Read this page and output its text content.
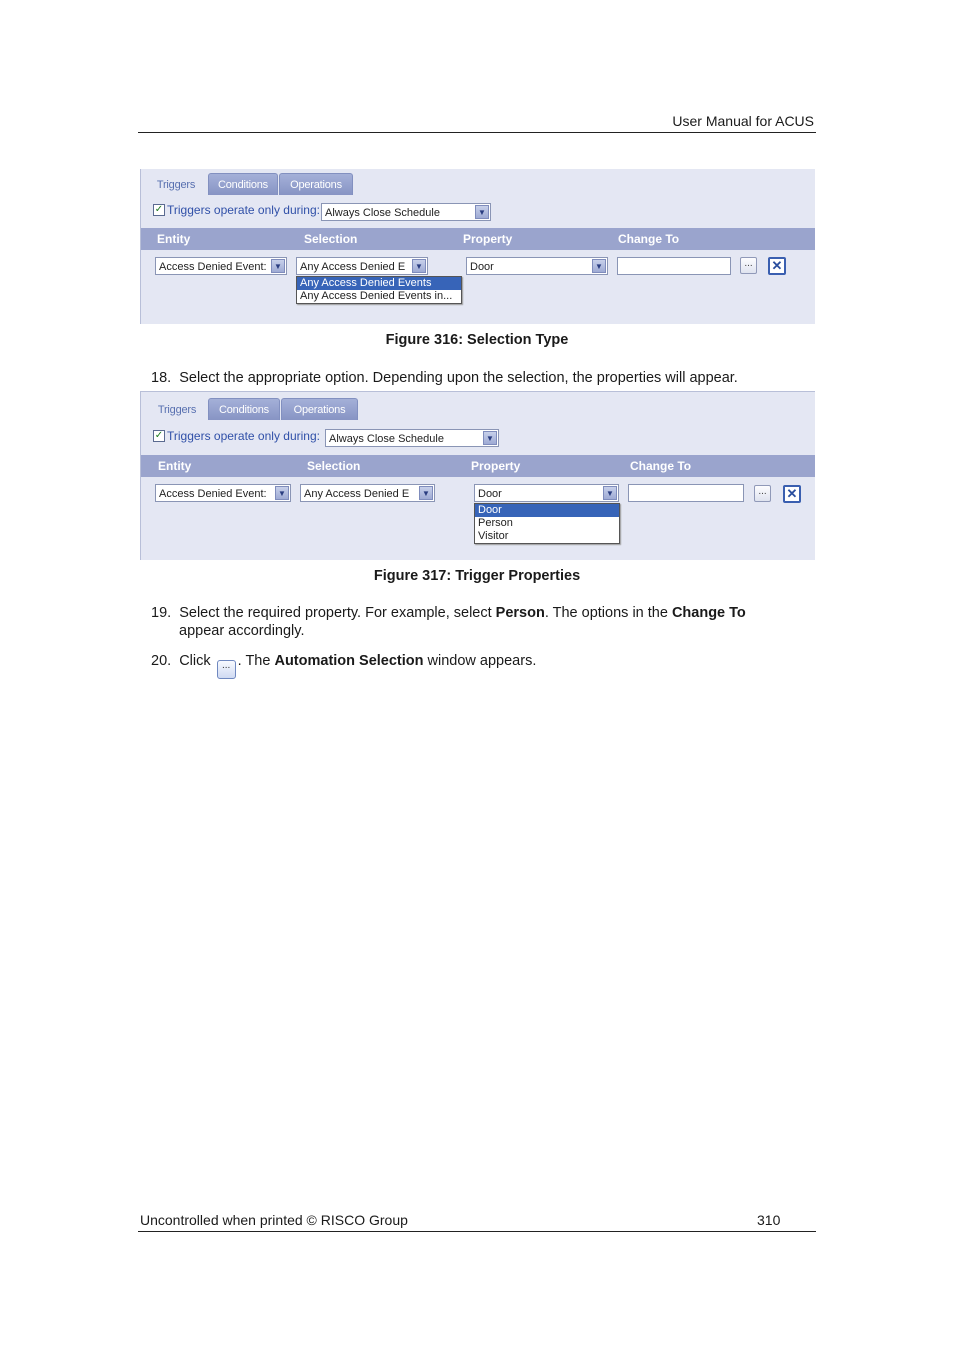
User Manual for ACUS
Triggers	Conditions	Operations
✓ Triggers operate only during: Always Close Schedule	▼
Entity	Selection	Property	Change To
Access Denied Event: ▼	Any Access Denied E	▼	Door	▼	...	✕
Any Access Denied Events
Any Access Denied Events in...
Figure 316: Selection Type
18. Select the appropriate option. Depending upon the selection, the properties will appear.
Triggers	Conditions	Operations
✓ Triggers operate only during: Always Close Schedule	▼
Entity	Selection	Property	Change To
Access Denied Event:	▼	Any Access Denied E	▼	Door	▼	...	✕
Door
Person
Visitor
Figure 317: Trigger Properties
19. Select the required property. For example, select Person. The options in the Change To
appear accordingly.
20. Click ... . The Automation Selection window appears.
Uncontrolled when printed © RISCO Group	310
